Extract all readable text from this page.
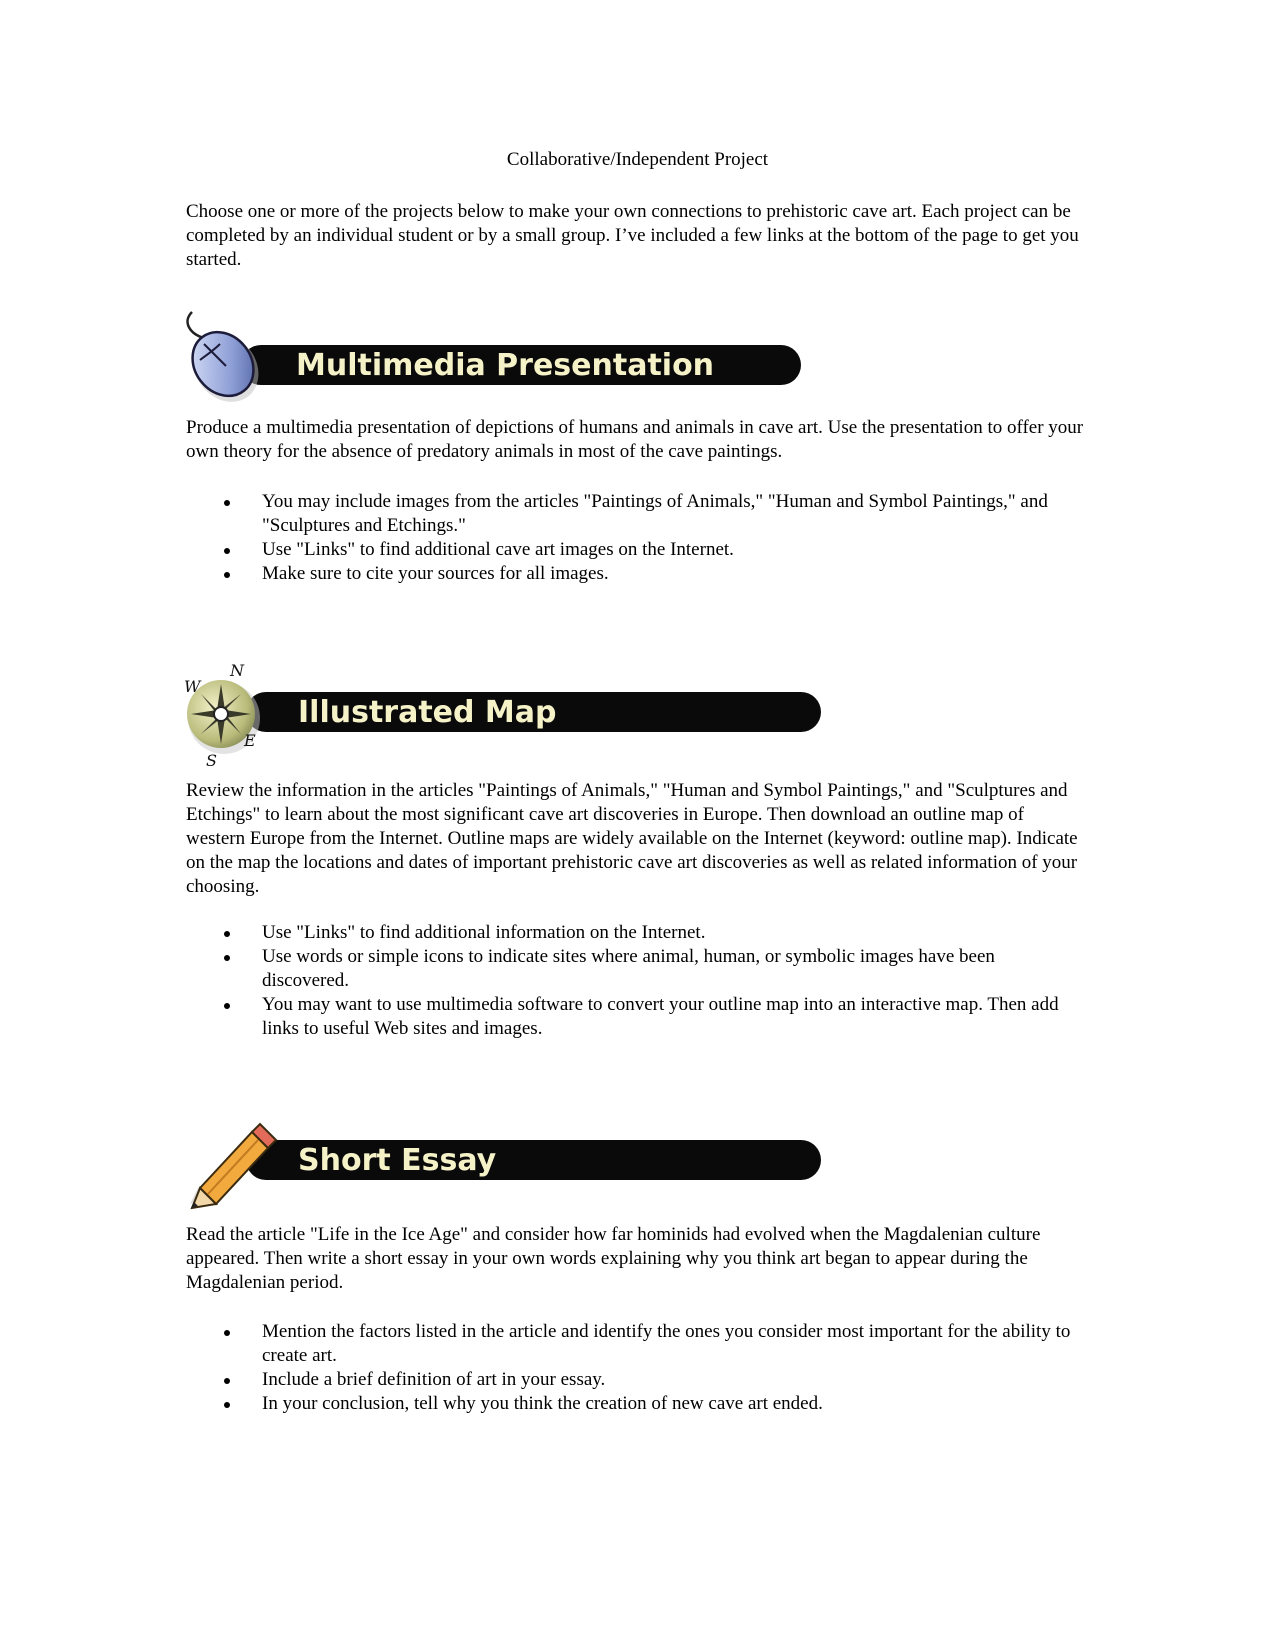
Collaborative/Independent Project

Choose one or more of the projects below to make your own connections to prehistoric cave art. Each project can be completed by an individual student or by a small group. I’ve included a few links at the bottom of the page to get you started.

Multimedia Presentation

Produce a multimedia presentation of depictions of humans and animals in cave art. Use the presentation to offer your own theory for the absence of predatory animals in most of the cave paintings.

You may include images from the articles "Paintings of Animals," "Human and Symbol Paintings," and "Sculptures and Etchings."
Use "Links" to find additional cave art images on the Internet.
Make sure to cite your sources for all images.
N
W
E
S
Illustrated Map

Review the information in the articles "Paintings of Animals," "Human and Symbol Paintings," and "Sculptures and Etchings" to learn about the most significant cave art discoveries in Europe. Then download an outline map of western Europe from the Internet. Outline maps are widely available on the Internet (keyword: outline map). Indicate on the map the locations and dates of important prehistoric cave art discoveries as well as related information of your choosing.

Use "Links" to find additional information on the Internet.
Use words or simple icons to indicate sites where animal, human, or symbolic images have been discovered.
You may want to use multimedia software to convert your outline map into an interactive map. Then add links to useful Web sites and images.
Short Essay

Read the article "Life in the Ice Age" and consider how far hominids had evolved when the Magdalenian culture appeared. Then write a short essay in your own words explaining why you think art began to appear during the Magdalenian period.

Mention the factors listed in the article and identify the ones you consider most important for the ability to create art.
Include a brief definition of art in your essay.
In your conclusion, tell why you think the creation of new cave art ended.
